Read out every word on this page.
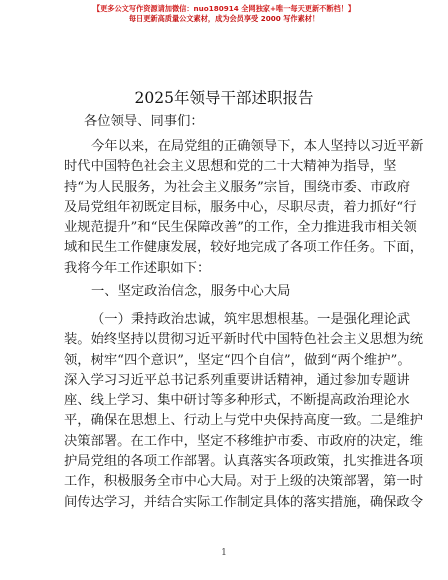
【更多公文写作资源请加微信：nuo180914 全网独家+唯一每天更新不断档！】
每日更新高质量公文素材，成为会员享受 2000 写作素材！
2025年领导干部述职报告
各位领导、同事们：
今年以来，在局党组的正确领导下，本人坚持以习近平新
时代中国特色社会主义思想和党的二十大精神为指导，坚
持“为人民服务，为社会主义服务”宗旨，围绕市委、市政府
及局党组年初既定目标，服务中心，尽职尽责，着力抓好“行
业规范提升”和“民生保障改善”的工作，全力推进我市相关领
域和民生工作健康发展，较好地完成了各项工作任务。下面，
我将今年工作述职如下：
一、坚定政治信念，服务中心大局
（一）秉持政治忠诚，筑牢思想根基。一是强化理论武
装。始终坚持以贯彻习近平新时代中国特色社会主义思想为统
领，树牢“四个意识”，坚定“四个自信”，做到“两个维护”。
深入学习习近平总书记系列重要讲话精神，通过参加专题讲
座、线上学习、集中研讨等多种形式，不断提高政治理论水
平，确保在思想上、行动上与党中央保持高度一致。二是维护
决策部署。在工作中，坚定不移维护市委、市政府的决定，维
护局党组的各项工作部署。认真落实各项政策，扎实推进各项
工作，积极服务全市中心大局。对于上级的决策部署，第一时
间传达学习，并结合实际工作制定具体的落实措施，确保政令
1
